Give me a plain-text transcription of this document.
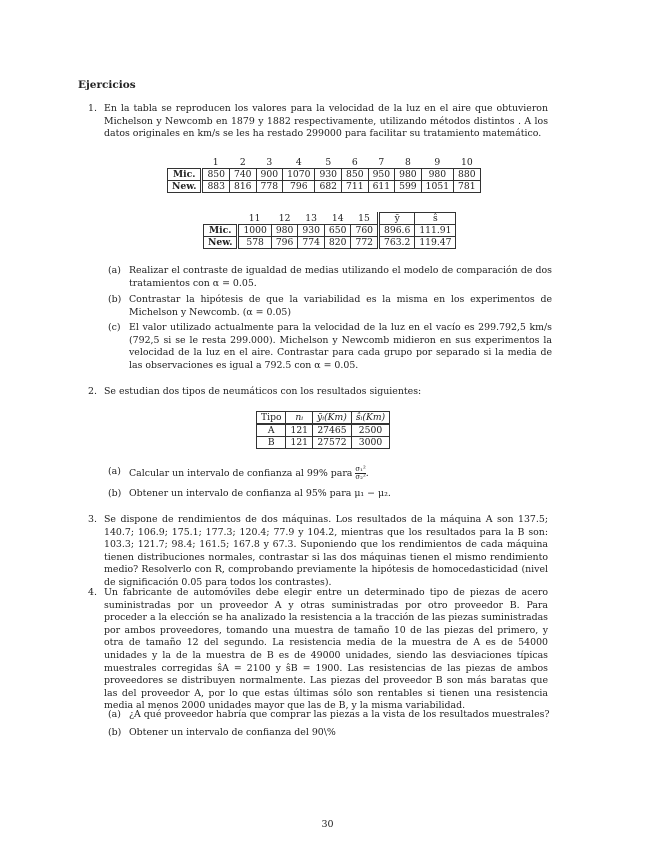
Ejercicios
1. En la tabla se reproducen los valores para la velocidad de la luz en el aire que obtuvieron Michelson y Newcomb en 1879 y 1882 respectivamente, utilizando métodos distintos . A los datos originales en km/s se les ha restado 299000 para facilitar su tratamiento matemático.
	1	2	3	4	5	6	7	8	9	10
Mic.	850	740	900	1070	930	850	950	980	980	880
New.	883	816	778	796	682	711	611	599	1051	781
	11	12	13	14	15	ȳ	ŝ
Mic.	1000	980	930	650	760	896.6	111.91
New.	578	796	774	820	772	763.2	119.47
(a) Realizar el contraste de igualdad de medias utilizando el modelo de comparación de dos tratamientos con α = 0.05.
(b) Contrastar la hipótesis de que la variabilidad es la misma en los experimentos de Michelson y Newcomb. (α = 0.05)
(c) El valor utilizado actualmente para la velocidad de la luz en el vacío es 299.792,5 km/s (792,5 si se le resta 299.000). Michelson y Newcomb midieron en sus experimentos la velocidad de la luz en el aire. Contrastar para cada grupo por separado si la media de las observaciones es igual a 792.5 con α = 0.05.
2. Se estudian dos tipos de neumáticos con los resultados siguientes:
Tipo	nᵢ	ȳᵢ(Km)	ŝᵢ(Km)
A	121	27465	2500
B	121	27572	3000
(a) Calcular un intervalo de confianza al 99% para $\frac{\text{σ₁²}}{\text{σ₂²}}$ .
(b) Obtener un intervalo de confianza al 95% para μ₁ − μ₂.
3. Se dispone de rendimientos de dos máquinas. Los resultados de la máquina A son 137.5; 140.7; 106.9; 175.1; 177.3; 120.4; 77.9 y 104.2, mientras que los resultados para la B son: 103.3; 121.7; 98.4; 161.5; 167.8 y 67.3. Suponiendo que los rendimientos de cada máquina tienen distribuciones normales, contrastar si las dos máquinas tienen el mismo rendimiento medio? Resolverlo con R, comprobando previamente la hipótesis de homocedasticidad (nivel de significación 0.05 para todos los contrastes).
4. Un fabricante de automóviles debe elegir entre un determinado tipo de piezas de acero suministradas por un proveedor A y otras suministradas por otro proveedor B. Para proceder a la elección se ha analizado la resistencia a la tracción de las piezas suministradas por ambos proveedores, tomando una muestra de tamaño 10 de las piezas del primero, y otra de tamaño 12 del segundo. La resistencia media de la muestra de A es de 54000 unidades y la de la muestra de B es de 49000 unidades, siendo las desviaciones típicas muestrales corregidas ŝA = 2100 y ŝB = 1900. Las resistencias de las piezas de ambos proveedores se distribuyen normalmente. Las piezas del proveedor B son más baratas que las del proveedor A, por lo que estas últimas sólo son rentables si tienen una resistencia media al menos 2000 unidades mayor que las de B, y la misma variabilidad.
(a) ¿A qué proveedor habría que comprar las piezas a la vista de los resultados muestrales?
(b) Obtener un intervalo de confianza del 90\%
30
